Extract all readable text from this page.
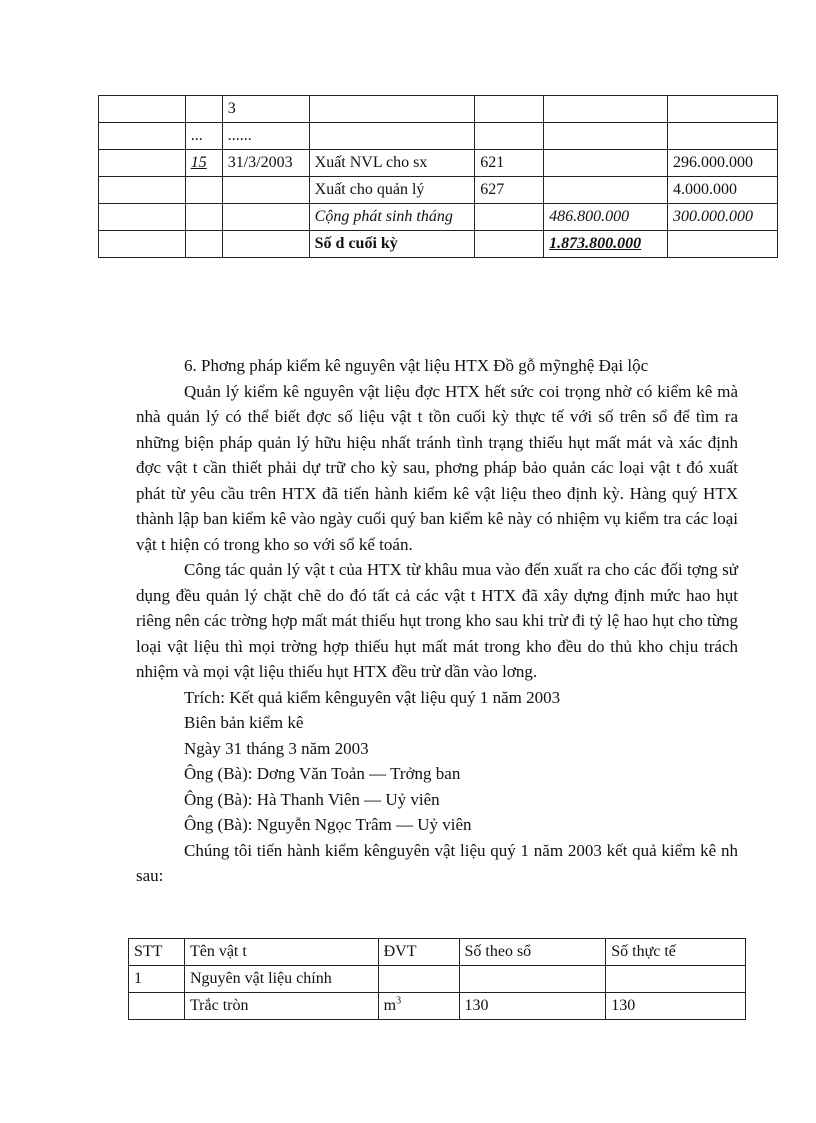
		3				
	...	......				
	15	31/3/2003	Xuất NVL cho sx	621		296.000.000
			Xuất cho quản lý	627		4.000.000
			Cộng phát sinh tháng		486.800.000	300.000.000
			Số d cuối kỳ		1.873.800.000	

6. Phơng pháp kiểm kê nguyên vật liệu HTX Đồ gỗ mỹnghệ Đại lộc

Quản lý kiểm kê nguyên vật liệu đợc HTX hết sức coi trọng nhờ có kiểm kê mà nhà quản lý có thể biết đợc số liệu vật t tồn cuối kỳ thực tế với số trên sổ để tìm ra những biện pháp quản lý hữu hiệu nhất tránh tình trạng thiếu hụt mất mát và xác định đợc vật t cần thiết phải dự trữ cho kỳ sau, phơng pháp bảo quản các loại vật t đó xuất phát từ yêu cầu trên HTX đã tiến hành kiểm kê vật liệu theo định kỳ. Hàng quý HTX thành lập ban kiểm kê vào ngày cuối quý ban kiểm kê này có nhiệm vụ kiểm tra các loại vật t hiện có trong kho so với sổ kế toán.

Công tác quản lý vật t của HTX từ khâu mua vào đến xuất ra cho các đối tợng sử dụng đều quản lý chặt chẽ do đó tất cả các vật t HTX đã xây dựng định mức hao hụt riêng nên các trờng hợp mất mát thiếu hụt trong kho sau khi trừ đi tỷ lệ hao hụt cho từng loại vật liệu thì mọi trờng hợp thiếu hụt mất mát trong kho đều do thủ kho chịu trách nhiệm và mọi vật liệu thiếu hụt HTX đều trừ dần vào lơng.

Trích: Kết quả kiểm kênguyên vật liệu quý 1 năm 2003

Biên bản kiểm kê

Ngày 31 tháng 3 năm 2003

Ông (Bà): Dơng Văn Toản — Trởng ban

Ông (Bà): Hà Thanh Viên — Uỷ viên

Ông (Bà): Nguyễn Ngọc Trâm — Uỷ viên

Chúng tôi tiến hành kiểm kênguyên vật liệu quý 1 năm 2003 kết quả kiểm kê nh sau:

STT	Tên vật t	ĐVT	Số theo sổ	Số thực tế
1	Nguyên vật liệu chính			
	Trắc tròn	$m^3$	130	130
